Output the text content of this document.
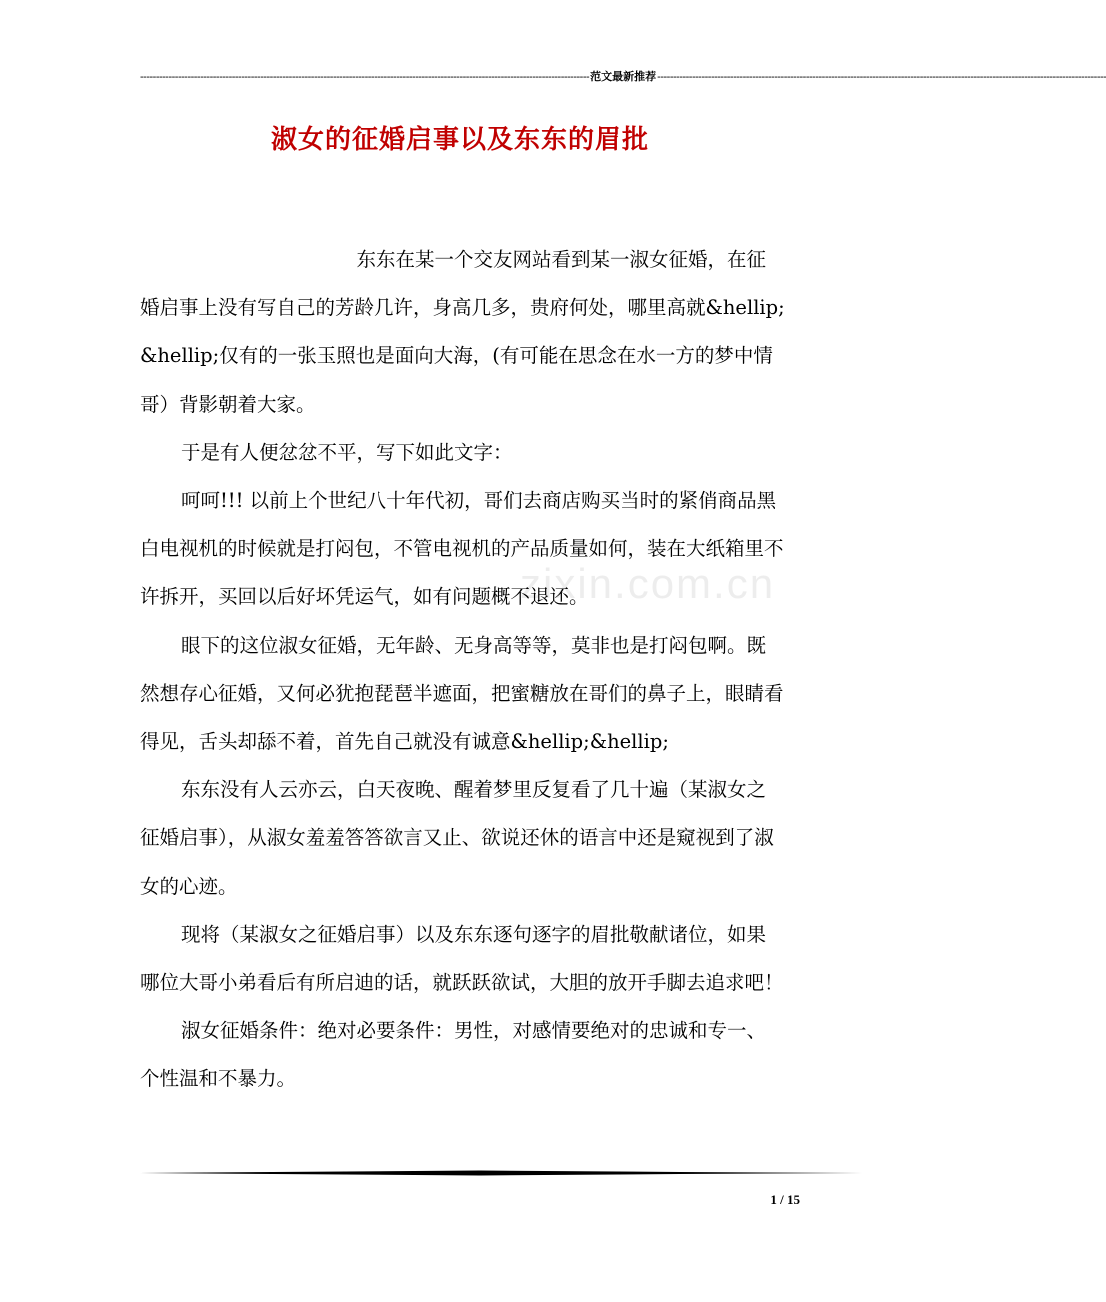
---------------------------------------------------------------------------------------------------------------------------------------------- 范文最新推荐 ----------------------------------------------------------------------------------------------------------------------------------------------
淑女的征婚启事以及东东的眉批
zixin.com.cn

东东在某一个交友网站看到某一淑女征婚，在征婚启事上没有写自己的芳龄几许，身高几多，贵府何处，哪里高就&hellip;&hellip;仅有的一张玉照也是面向大海，(有可能在思念在水一方的梦中情哥）背影朝着大家。

于是有人便忿忿不平，写下如此文字：

呵呵!!! 以前上个世纪八十年代初，哥们去商店购买当时的紧俏商品黑白电视机的时候就是打闷包，不管电视机的产品质量如何，装在大纸箱里不许拆开，买回以后好坏凭运气，如有问题概不退还。

眼下的这位淑女征婚，无年龄、无身高等等，莫非也是打闷包啊。既然想存心征婚，又何必犹抱琵琶半遮面，把蜜糖放在哥们的鼻子上，眼睛看得见，舌头却舔不着，首先自己就没有诚意&hellip;&hellip;

东东没有人云亦云，白天夜晚、醒着梦里反复看了几十遍（某淑女之征婚启事），从淑女羞羞答答欲言又止、欲说还休的语言中还是窥视到了淑女的心迹。

现将（某淑女之征婚启事）以及东东逐句逐字的眉批敬献诸位，如果哪位大哥小弟看后有所启迪的话，就跃跃欲试，大胆的放开手脚去追求吧！

淑女征婚条件：绝对必要条件：男性，对感情要绝对的忠诚和专一、个性温和不暴力。

1 / 15
